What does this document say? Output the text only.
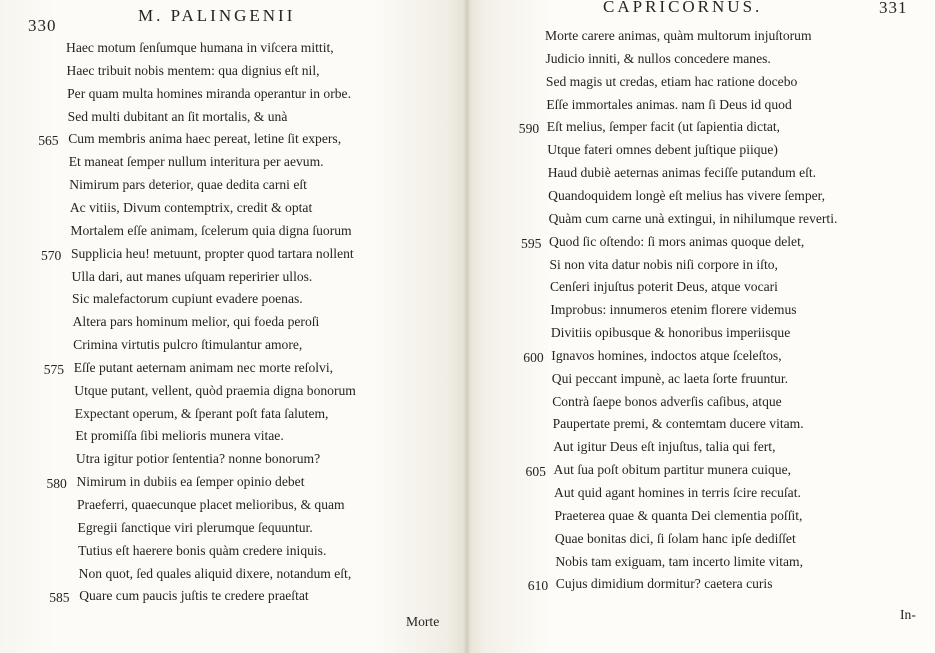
330
M. PALINGENII
Haec motum ſenſumque humana in viſcera mittit,
Haec tribuit nobis mentem: qua dignius eſt nil,
Per quam multa homines miranda operantur in orbe.
Sed multi dubitant an ſit mortalis, & unà
565 Cum membris anima haec pereat, letine ſit expers,
Et maneat ſemper nullum interitura per aevum.
Nimirum pars deterior, quae dedita carni eſt
Ac vitiis, Divum contemptrix, credit & optat
Mortalem eſſe animam, ſcelerum quia digna ſuorum
570 Supplicia heu! metuunt, propter quod tartara nollent
Ulla dari, aut manes uſquam reperirier ullos.
Sic malefactorum cupiunt evadere poenas.
Altera pars hominum melior, qui foeda peroſi
Crimina virtutis pulcro ſtimulantur amore,
575 Eſſe putant aeternam animam nec morte reſolvi,
Utque putant, vellent, quòd praemia digna bonorum
Expectant operum, & ſperant poſt fata ſalutem,
Et promiſſa ſibi melioris munera vitae.
Utra igitur potior ſententia? nonne bonorum?
580 Nimirum in dubiis ea ſemper opinio debet
Praeferri, quaecunque placet melioribus, & quam
Egregii ſanctique viri plerumque ſequuntur.
Tutius eſt haerere bonis quàm credere iniquis.
Non quot, ſed quales aliquid dixere, notandum eſt,
585 Quare cum paucis juſtis te credere praeſtat
Morte
CAPRICORNUS.	331
Morte carere animas, quàm multorum injuſtorum
Judicio inniti, & nullos concedere manes.
Sed magis ut credas, etiam hac ratione docebo
Eſſe immortales animas. nam ſi Deus id quod
590 Eſt melius, ſemper facit (ut ſapientia dictat,
Utque fateri omnes debent juſtique piique)
Haud dubiè aeternas animas feciſſe putandum eſt.
Quandoquidem longè eſt melius has vivere ſemper,
Quàm cum carne unà extingui, in nihilumque reverti.
595 Quod ſic oſtendo: ſi mors animas quoque delet,
Si non vita datur nobis niſi corpore in iſto,
Cenſeri injuſtus poterit Deus, atque vocari
Improbus: innumeros etenim florere videmus
Divitiis opibusque & honoribus imperiisque
600 Ignavos homines, indoctos atque ſceleſtos,
Qui peccant impunè, ac laeta ſorte fruuntur.
Contrà ſaepe bonos adverſis caſibus, atque
Paupertate premi, & contemtam ducere vitam.
Aut igitur Deus eſt injuſtus, talia qui fert,
605 Aut ſua poſt obitum partitur munera cuique,
Aut quid agant homines in terris ſcire recuſat.
Praeterea quae & quanta Dei clementia poſſit,
Quae bonitas dici, ſi ſolam hanc ipſe dediſſet
Nobis tam exiguam, tam incerto limite vitam,
610 Cujus dimidium dormitur? caetera curis
In-
